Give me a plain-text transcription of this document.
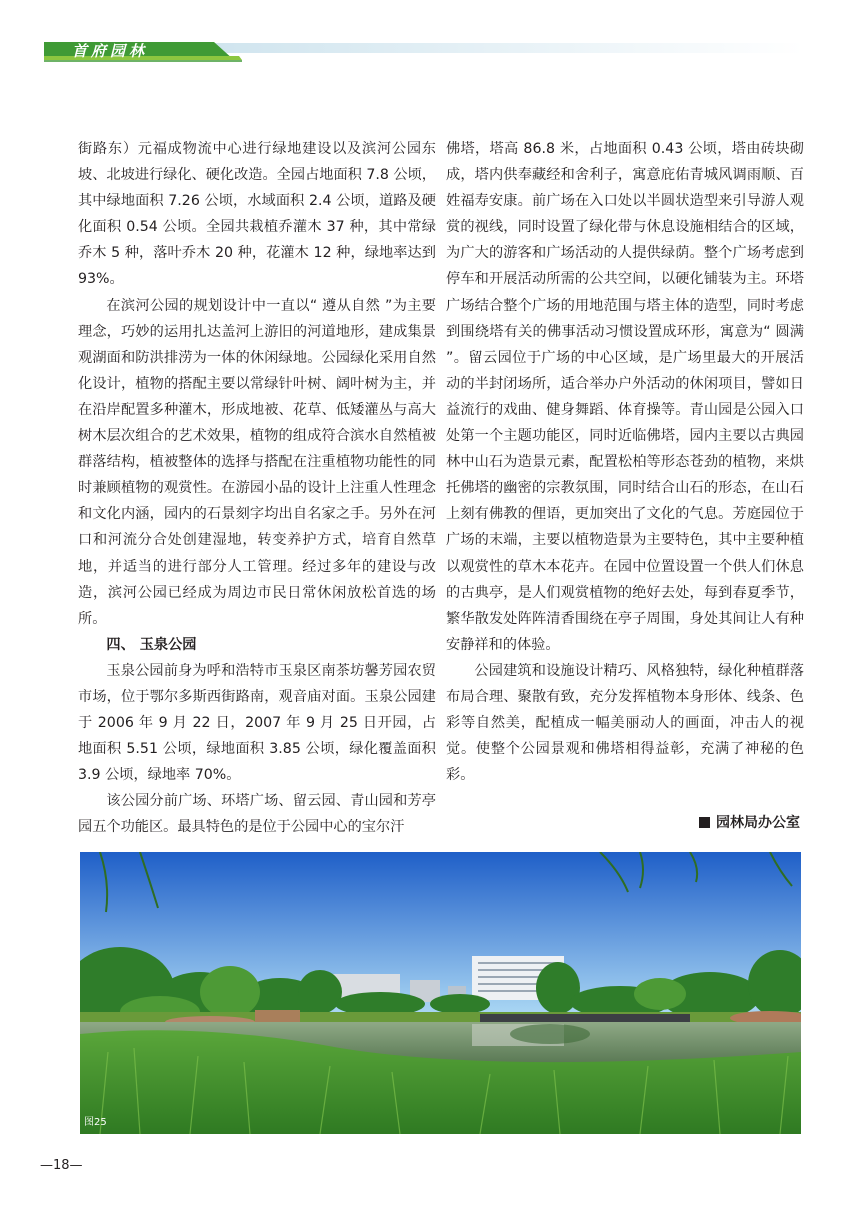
首府园林

街路东）元福成物流中心进行绿地建设以及滨河公园东坡、北坡进行绿化、硬化改造。全园占地面积 7.8 公顷，其中绿地面积 7.26 公顷，水域面积 2.4 公顷，道路及硬化面积 0.54 公顷。全园共栽植乔灌木 37 种，其中常绿乔木 5 种，落叶乔木 20 种，花灌木 12 种，绿地率达到 93%。

在滨河公园的规划设计中一直以“ 遵从自然 ”为主要理念，巧妙的运用扎达盖河上游旧的河道地形，建成集景观湖面和防洪排涝为一体的休闲绿地。公园绿化采用自然化设计，植物的搭配主要以常绿针叶树、阔叶树为主，并在沿岸配置多种灌木，形成地被、花草、低矮灌丛与高大树木层次组合的艺术效果，植物的组成符合滨水自然植被群落结构，植被整体的选择与搭配在注重植物功能性的同时兼顾植物的观赏性。在游园小品的设计上注重人性理念和文化内涵，园内的石景刻字均出自名家之手。另外在河口和河流分合处创建湿地，转变养护方式，培育自然草地，并适当的进行部分人工管理。经过多年的建设与改造，滨河公园已经成为周边市民日常休闲放松首选的场所。

四、 玉泉公园

玉泉公园前身为呼和浩特市玉泉区南茶坊馨芳园农贸市场，位于鄂尔多斯西街路南，观音庙对面。玉泉公园建于 2006 年 9 月 22 日，2007 年 9 月 25 日开园，占地面积 5.51 公顷，绿地面积 3.85 公顷，绿化覆盖面积 3.9 公顷，绿地率 70%。

该公园分前广场、环塔广场、留云园、青山园和芳亭园五个功能区。最具特色的是位于公园中心的宝尔汗

佛塔，塔高 86.8 米，占地面积 0.43 公顷，塔由砖块砌成，塔内供奉藏经和舍利子，寓意庇佑青城风调雨顺、百姓福寿安康。前广场在入口处以半圆状造型来引导游人观赏的视线，同时设置了绿化带与休息设施相结合的区域，为广大的游客和广场活动的人提供绿荫。整个广场考虑到停车和开展活动所需的公共空间，以硬化铺装为主。环塔广场结合整个广场的用地范围与塔主体的造型，同时考虑到围绕塔有关的佛事活动习惯设置成环形，寓意为“ 圆满 ”。留云园位于广场的中心区域，是广场里最大的开展活动的半封闭场所，适合举办户外活动的休闲项目，譬如日益流行的戏曲、健身舞蹈、体育操等。青山园是公园入口处第一个主题功能区，同时近临佛塔，园内主要以古典园林中山石为造景元素，配置松柏等形态苍劲的植物，来烘托佛塔的幽密的宗教氛围，同时结合山石的形态，在山石上刻有佛教的俚语，更加突出了文化的气息。芳庭园位于广场的末端，主要以植物造景为主要特色，其中主要种植以观赏性的草木本花卉。在园中位置设置一个供人们休息的古典亭，是人们观赏植物的绝好去处，每到春夏季节，繁华散发处阵阵清香围绕在亭子周围，身处其间让人有种安静祥和的体验。

公园建筑和设施设计精巧、风格独特，绿化种植群落布局合理、聚散有致，充分发挥植物本身形体、线条、色彩等自然美，配植成一幅美丽动人的画面，冲击人的视觉。使整个公园景观和佛塔相得益彰，充满了神秘的色彩。

园林局办公室
图25
—18—
